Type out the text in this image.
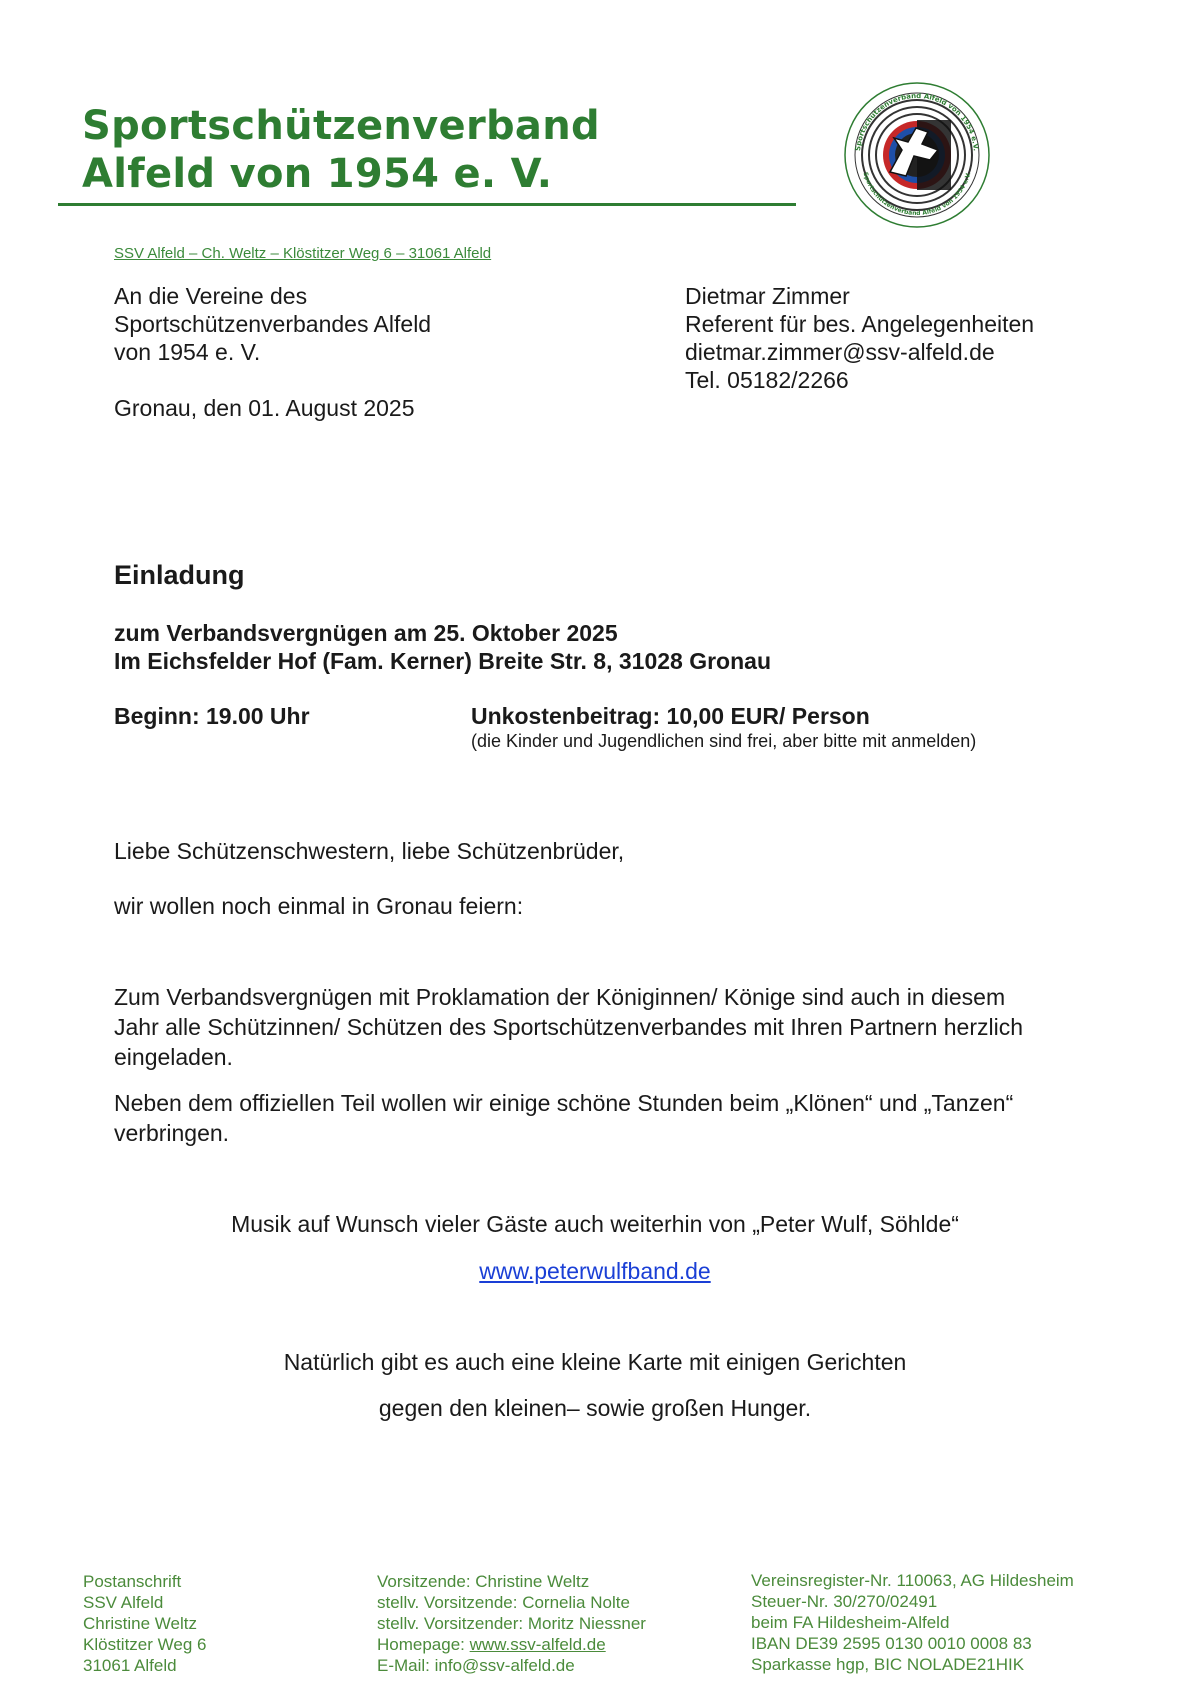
Sportschützenverband
Alfeld von 1954 e. V.
Sportschützenverband Alfeld von 1954 e.V.
Sportschützenverband Alfeld von 1954 e.V.
SSV Alfeld – Ch. Weltz – Klöstitzer Weg 6 – 31061 Alfeld
An die Vereine des
Sportschützenverbandes Alfeld
von 1954 e. V.
Gronau, den 01. August 2025
Dietmar Zimmer
Referent für bes. Angelegenheiten
dietmar.zimmer@ssv-alfeld.de
Tel. 05182/2266
Einladung
zum Verbandsvergnügen am 25. Oktober 2025
Im Eichsfelder Hof (Fam. Kerner) Breite Str. 8, 31028 Gronau
Beginn: 19.00 Uhr	Unkostenbeitrag: 10,00 EUR/ Person
(die Kinder und Jugendlichen sind frei, aber bitte mit anmelden)
Liebe Schützenschwestern, liebe Schützenbrüder,
wir wollen noch einmal in Gronau feiern:
Zum Verbandsvergnügen mit Proklamation der Königinnen/ Könige sind auch in diesem
Jahr alle Schützinnen/ Schützen des Sportschützenverbandes mit Ihren Partnern herzlich
eingeladen.
Neben dem offiziellen Teil wollen wir einige schöne Stunden beim „Klönen“ und „Tanzen“
verbringen.
Musik auf Wunsch vieler Gäste auch weiterhin von „Peter Wulf, Söhlde“
www.peterwulfband.de
Natürlich gibt es auch eine kleine Karte mit einigen Gerichten
gegen den kleinen– sowie großen Hunger.
Postanschrift
SSV Alfeld
Christine Weltz
Klöstitzer Weg 6
31061 Alfeld
Vorsitzende: Christine Weltz
stellv. Vorsitzende: Cornelia Nolte
stellv. Vorsitzender: Moritz Niessner
Homepage: www.ssv-alfeld.de
E-Mail: info@ssv-alfeld.de
Vereinsregister-Nr. 110063, AG Hildesheim
Steuer-Nr. 30/270/02491
beim FA Hildesheim-Alfeld
IBAN DE39 2595 0130 0010 0008 83
Sparkasse hgp, BIC NOLADE21HIK
